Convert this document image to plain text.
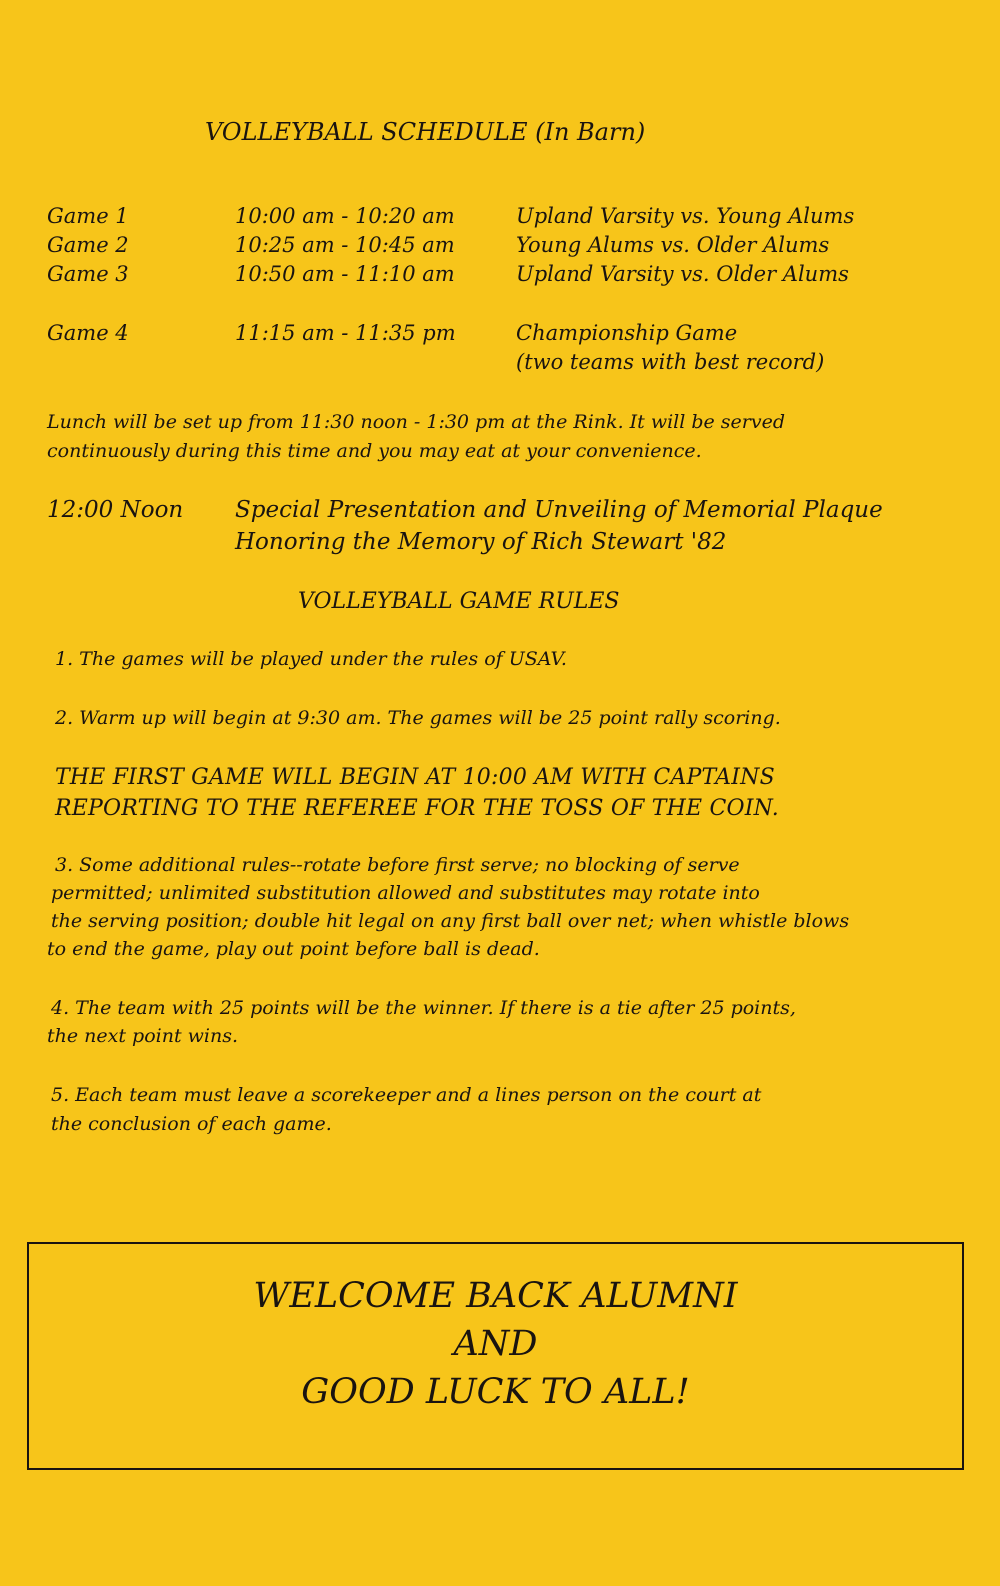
VOLLEYBALL SCHEDULE (In Barn)
Game 1	10:00 am - 10:20 am	Upland Varsity vs. Young Alums
Game 2	10:25 am - 10:45 am	Young Alums vs. Older Alums
Game 3	10:50 am - 11:10 am	Upland Varsity vs. Older Alums
Game 4	11:15 am - 11:35 pm	Championship Game
(two teams with best record)
Lunch will be set up from 11:30 noon - 1:30 pm at the Rink. It will be served
continuously during this time and you may eat at your convenience.
12:00 Noon Special Presentation and Unveiling of Memorial Plaque
Honoring the Memory of Rich Stewart '82
VOLLEYBALL GAME RULES
1. The games will be played under the rules of USAV.
2. Warm up will begin at 9:30 am. The games will be 25 point rally scoring.
THE FIRST GAME WILL BEGIN AT 10:00 AM WITH CAPTAINS
REPORTING TO THE REFEREE FOR THE TOSS OF THE COIN.
3. Some additional rules--rotate before first serve; no blocking of serve
permitted; unlimited substitution allowed and substitutes may rotate into
the serving position; double hit legal on any first ball over net; when whistle blows
to end the game, play out point before ball is dead.
4. The team with 25 points will be the winner. If there is a tie after 25 points,
the next point wins.
5. Each team must leave a scorekeeper and a lines person on the court at
the conclusion of each game.
WELCOME BACK ALUMNI
AND
GOOD LUCK TO ALL!
